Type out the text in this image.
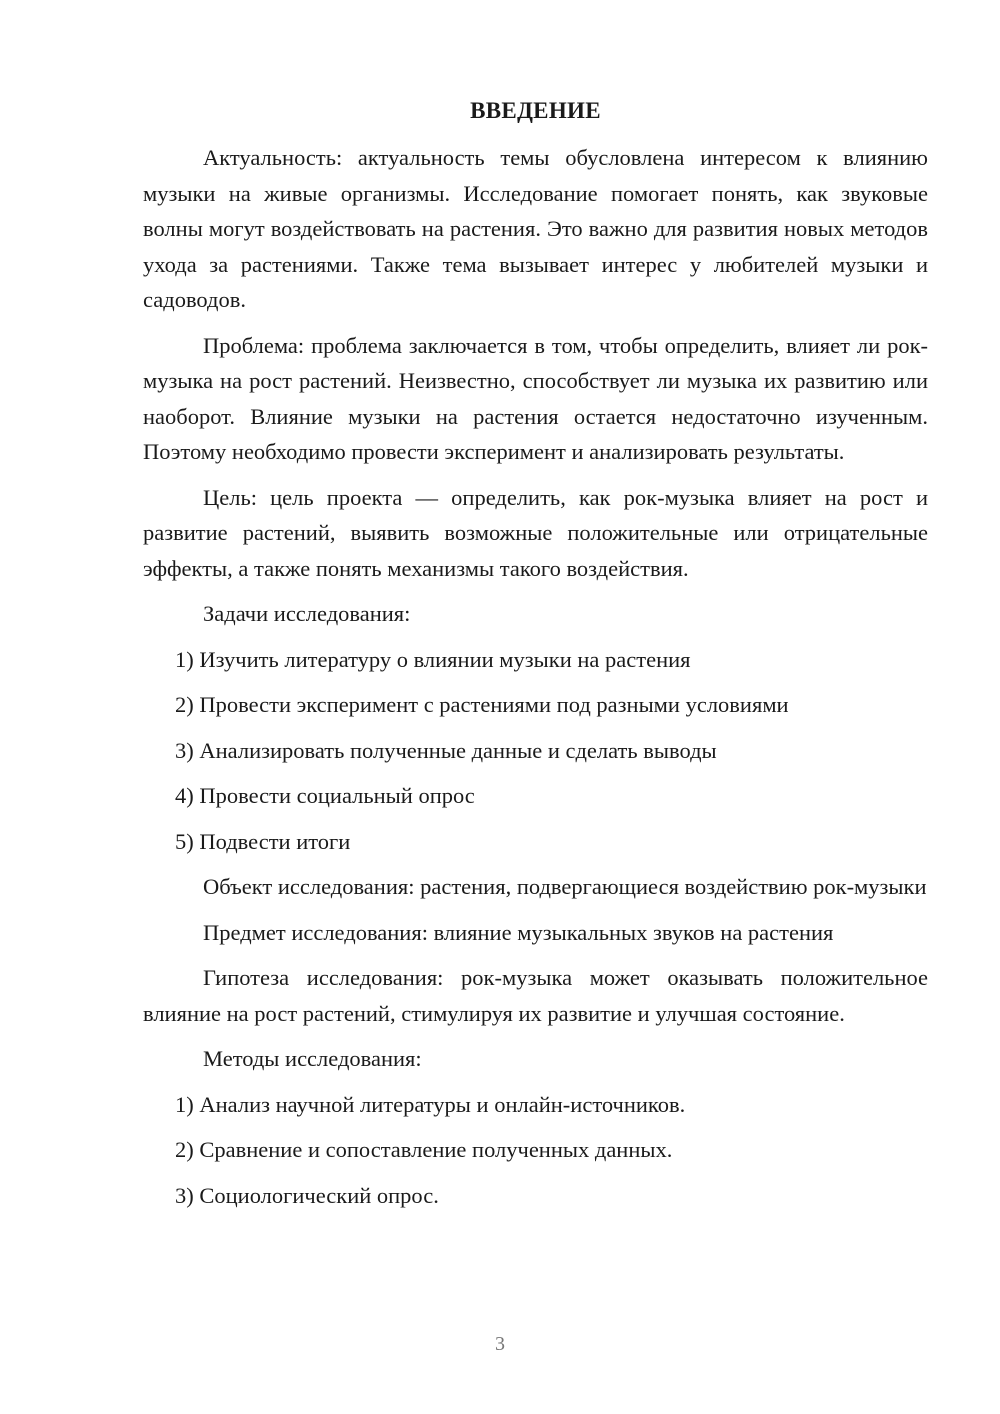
ВВЕДЕНИЕ

Актуальность: актуальность темы обусловлена интересом к влиянию музыки на живые организмы. Исследование помогает понять, как звуковые волны могут воздействовать на растения. Это важно для развития новых методов ухода за растениями. Также тема вызывает интерес у любителей музыки и садоводов.

Проблема: проблема заключается в том, чтобы определить, влияет ли рок-музыка на рост растений. Неизвестно, способствует ли музыка их развитию или наоборот. Влияние музыки на растения остается недостаточно изученным. Поэтому необходимо провести эксперимент и анализировать результаты.

Цель: цель проекта — определить, как рок-музыка влияет на рост и развитие растений, выявить возможные положительные или отрицательные эффекты, а также понять механизмы такого воздействия.

Задачи исследования:
1) Изучить литературу о влиянии музыки на растения
2) Провести эксперимент с растениями под разными условиями
3) Анализировать полученные данные и сделать выводы
4) Провести социальный опрос
5) Подвести итоги

Объект исследования: растения, подвергающиеся воздействию рок-музыки

Предмет исследования: влияние музыкальных звуков на растения

Гипотеза исследования: рок-музыка может оказывать положительное влияние на рост растений, стимулируя их развитие и улучшая состояние.

Методы исследования:
1) Анализ научной литературы и онлайн-источников.
2) Сравнение и сопоставление полученных данных.
3) Социологический опрос.
3
